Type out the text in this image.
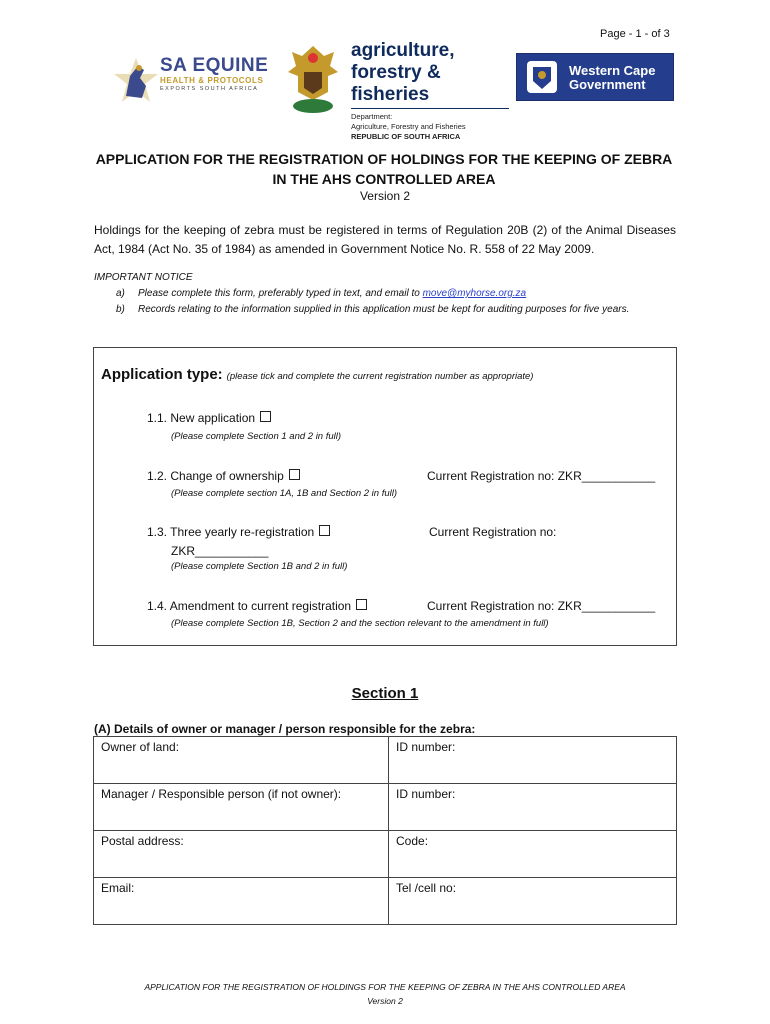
Page - 1 - of 3
SA EQUINE
HEALTH & PROTOCOLS
EXPORTS SOUTH AFRICA
agriculture,
forestry & fisheries
Department:
Agriculture, Forestry and Fisheries
REPUBLIC OF SOUTH AFRICA
Western Cape
Government
APPLICATION FOR THE REGISTRATION OF HOLDINGS FOR THE KEEPING OF ZEBRA IN THE AHS CONTROLLED AREA
Version 2
Holdings for the keeping of zebra must be registered in terms of Regulation 20B (2) of the Animal Diseases Act, 1984 (Act No. 35 of 1984) as amended in Government Notice No. R. 558 of 22 May 2009.
IMPORTANT NOTICE
a)	Please complete this form, preferably typed in text, and email to move@myhorse.org.za
b)	Records relating to the information supplied in this application must be kept for auditing purposes for five years.
Application type: (please tick and complete the current registration number as appropriate)
1.1. New application
(Please complete Section 1 and 2 in full)
1.2. Change of ownership	Current Registration no: ZKR___________
(Please complete section 1A, 1B and Section 2 in full)
1.3. Three yearly re-registration	Current Registration no:
ZKR___________
(Please complete Section 1B and 2 in full)
1.4. Amendment to current registration	Current Registration no: ZKR___________
(Please complete Section 1B, Section 2 and the section relevant to the amendment in full)
Section 1
(A) Details of owner or manager / person responsible for the zebra:
Owner of land:	ID number:
Manager / Responsible person (if not owner):	ID number:
Postal address:	Code:
Email:	Tel /cell no:
APPLICATION FOR THE REGISTRATION OF HOLDINGS FOR THE KEEPING OF ZEBRA IN THE AHS CONTROLLED AREA
Version 2
